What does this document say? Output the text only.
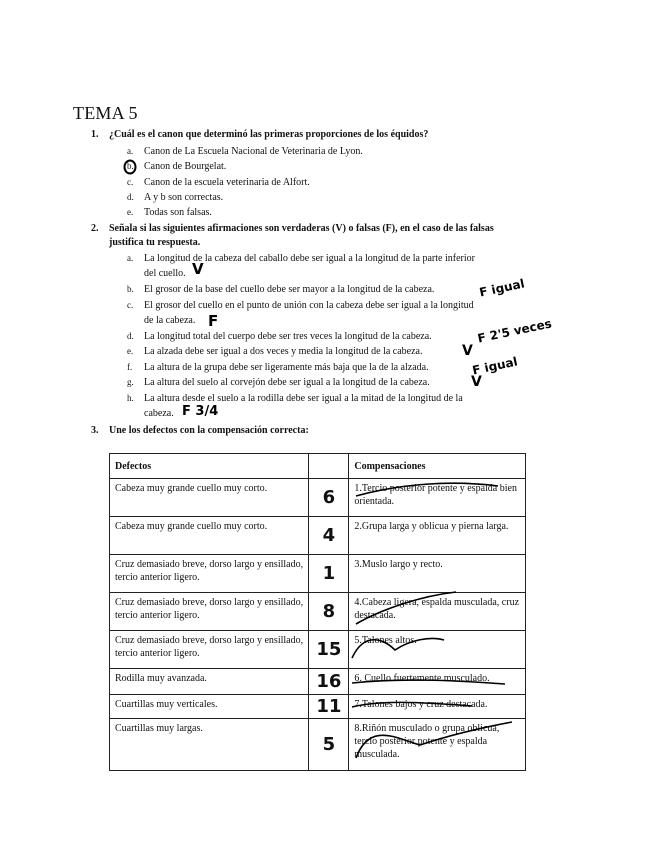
TEMA 5
1. ¿Cuál es el canon que determinó las primeras proporciones de los équidos?
a. Canon de La Escuela Nacional de Veterinaria de Lyon.
b. Canon de Bourgelat.
c. Canon de la escuela veterinaria de Alfort.
d. A y b son correctas.
e. Todas son falsas.
2. Señala si las siguientes afirmaciones son verdaderas (V) o falsas (F), en el caso de las falsas
justifica tu respuesta.
a. La longitud de la cabeza del caballo debe ser igual a la longitud de la parte inferior
del cuello.
b. El grosor de la base del cuello debe ser mayor a la longitud de la cabeza.
c. El grosor del cuello en el punto de unión con la cabeza debe ser igual a la longitud
de la cabeza.
d. La longitud total del cuerpo debe ser tres veces la longitud de la cabeza.
e. La alzada debe ser igual a dos veces y media la longitud de la cabeza.
f. La altura de la grupa debe ser ligeramente más baja que la de la alzada.
g. La altura del suelo al corvejón debe ser igual a la longitud de la cabeza.
h. La altura desde el suelo a la rodilla debe ser igual a la mitad de la longitud de la
cabeza.
V
F igual
F	F 2'5 veces
V
F igual
V
F 3/4
3. Une los defectos con la compensación correcta:
Defectos		Compensaciones
Cabeza muy grande cuello muy corto.	6	1.Tercio posterior potente y espalda bien orientada.
Cabeza muy grande cuello muy corto.	4	2.Grupa larga y oblicua y pierna larga.
Cruz demasiado breve, dorso largo y ensillado, tercio anterior ligero.	1	3.Muslo largo y recto.
Cruz demasiado breve, dorso largo y ensillado, tercio anterior ligero.	8	4.Cabeza ligera, espalda musculada, cruz destacada.
Cruz demasiado breve, dorso largo y ensillado, tercio anterior ligero.	15	5.Talones altos.
Rodilla muy avanzada.	16	6. Cuello fuertemente musculado.
Cuartillas muy verticales.	11	7.Talones bajos y cruz destacada.
Cuartillas muy largas.	5	8.Riñón musculado o grupa oblicua, tercio posterior potente y espalda musculada.
